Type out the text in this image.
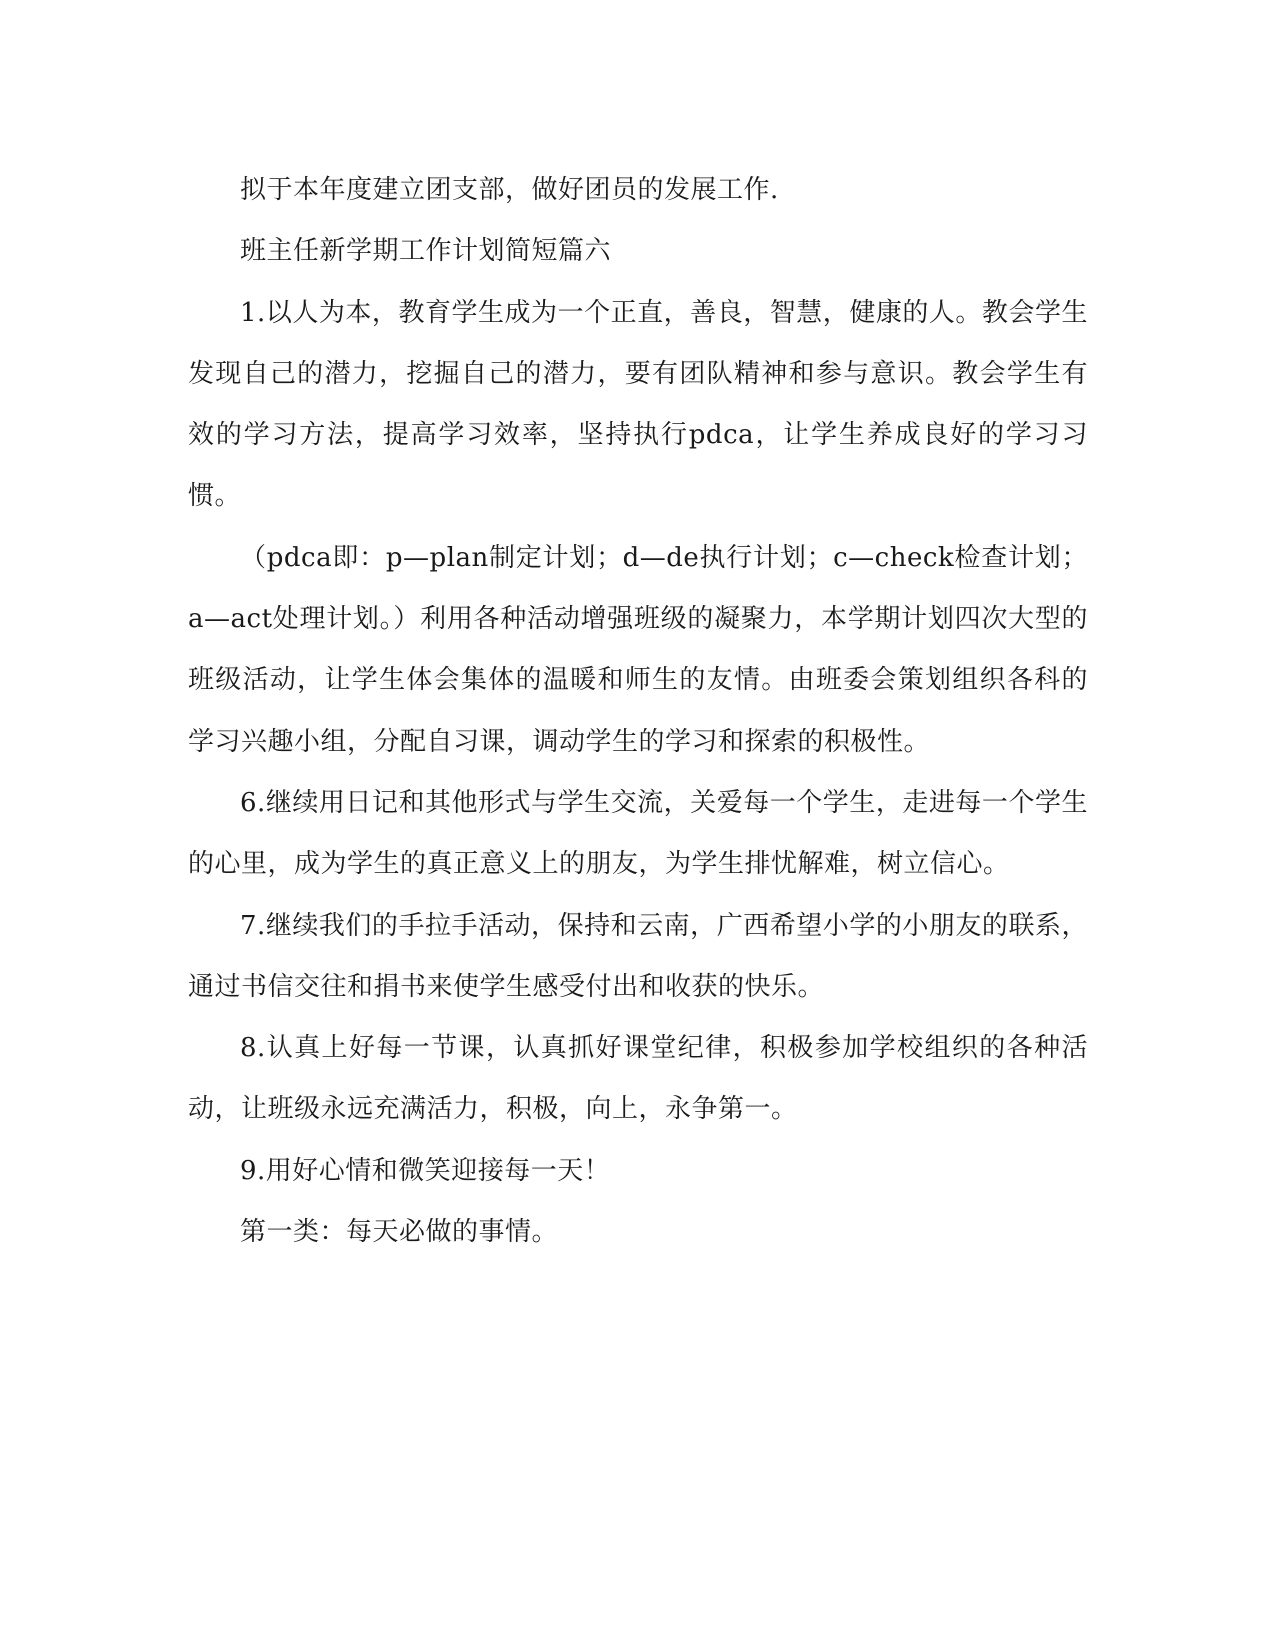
拟于本年度建立团支部，做好团员的发展工作.

班主任新学期工作计划简短篇六

1.以人为本，教育学生成为一个正直，善良，智慧，健康的人。教会学生发现自己的潜力，挖掘自己的潜力，要有团队精神和参与意识。教会学生有效的学习方法，提高学习效率，坚持执行pdca，让学生养成良好的学习习惯。

（pdca即：p—plan制定计划；d—de执行计划；c—check检查计划；a—act处理计划。）利用各种活动增强班级的凝聚力，本学期计划四次大型的班级活动，让学生体会集体的温暖和师生的友情。由班委会策划组织各科的学习兴趣小组，分配自习课，调动学生的学习和探索的积极性。

6.继续用日记和其他形式与学生交流，关爱每一个学生，走进每一个学生的心里，成为学生的真正意义上的朋友，为学生排忧解难，树立信心。

7.继续我们的手拉手活动，保持和云南，广西希望小学的小朋友的联系，通过书信交往和捐书来使学生感受付出和收获的快乐。

8.认真上好每一节课，认真抓好课堂纪律，积极参加学校组织的各种活动，让班级永远充满活力，积极，向上，永争第一。

9.用好心情和微笑迎接每一天！

第一类：每天必做的事情。
